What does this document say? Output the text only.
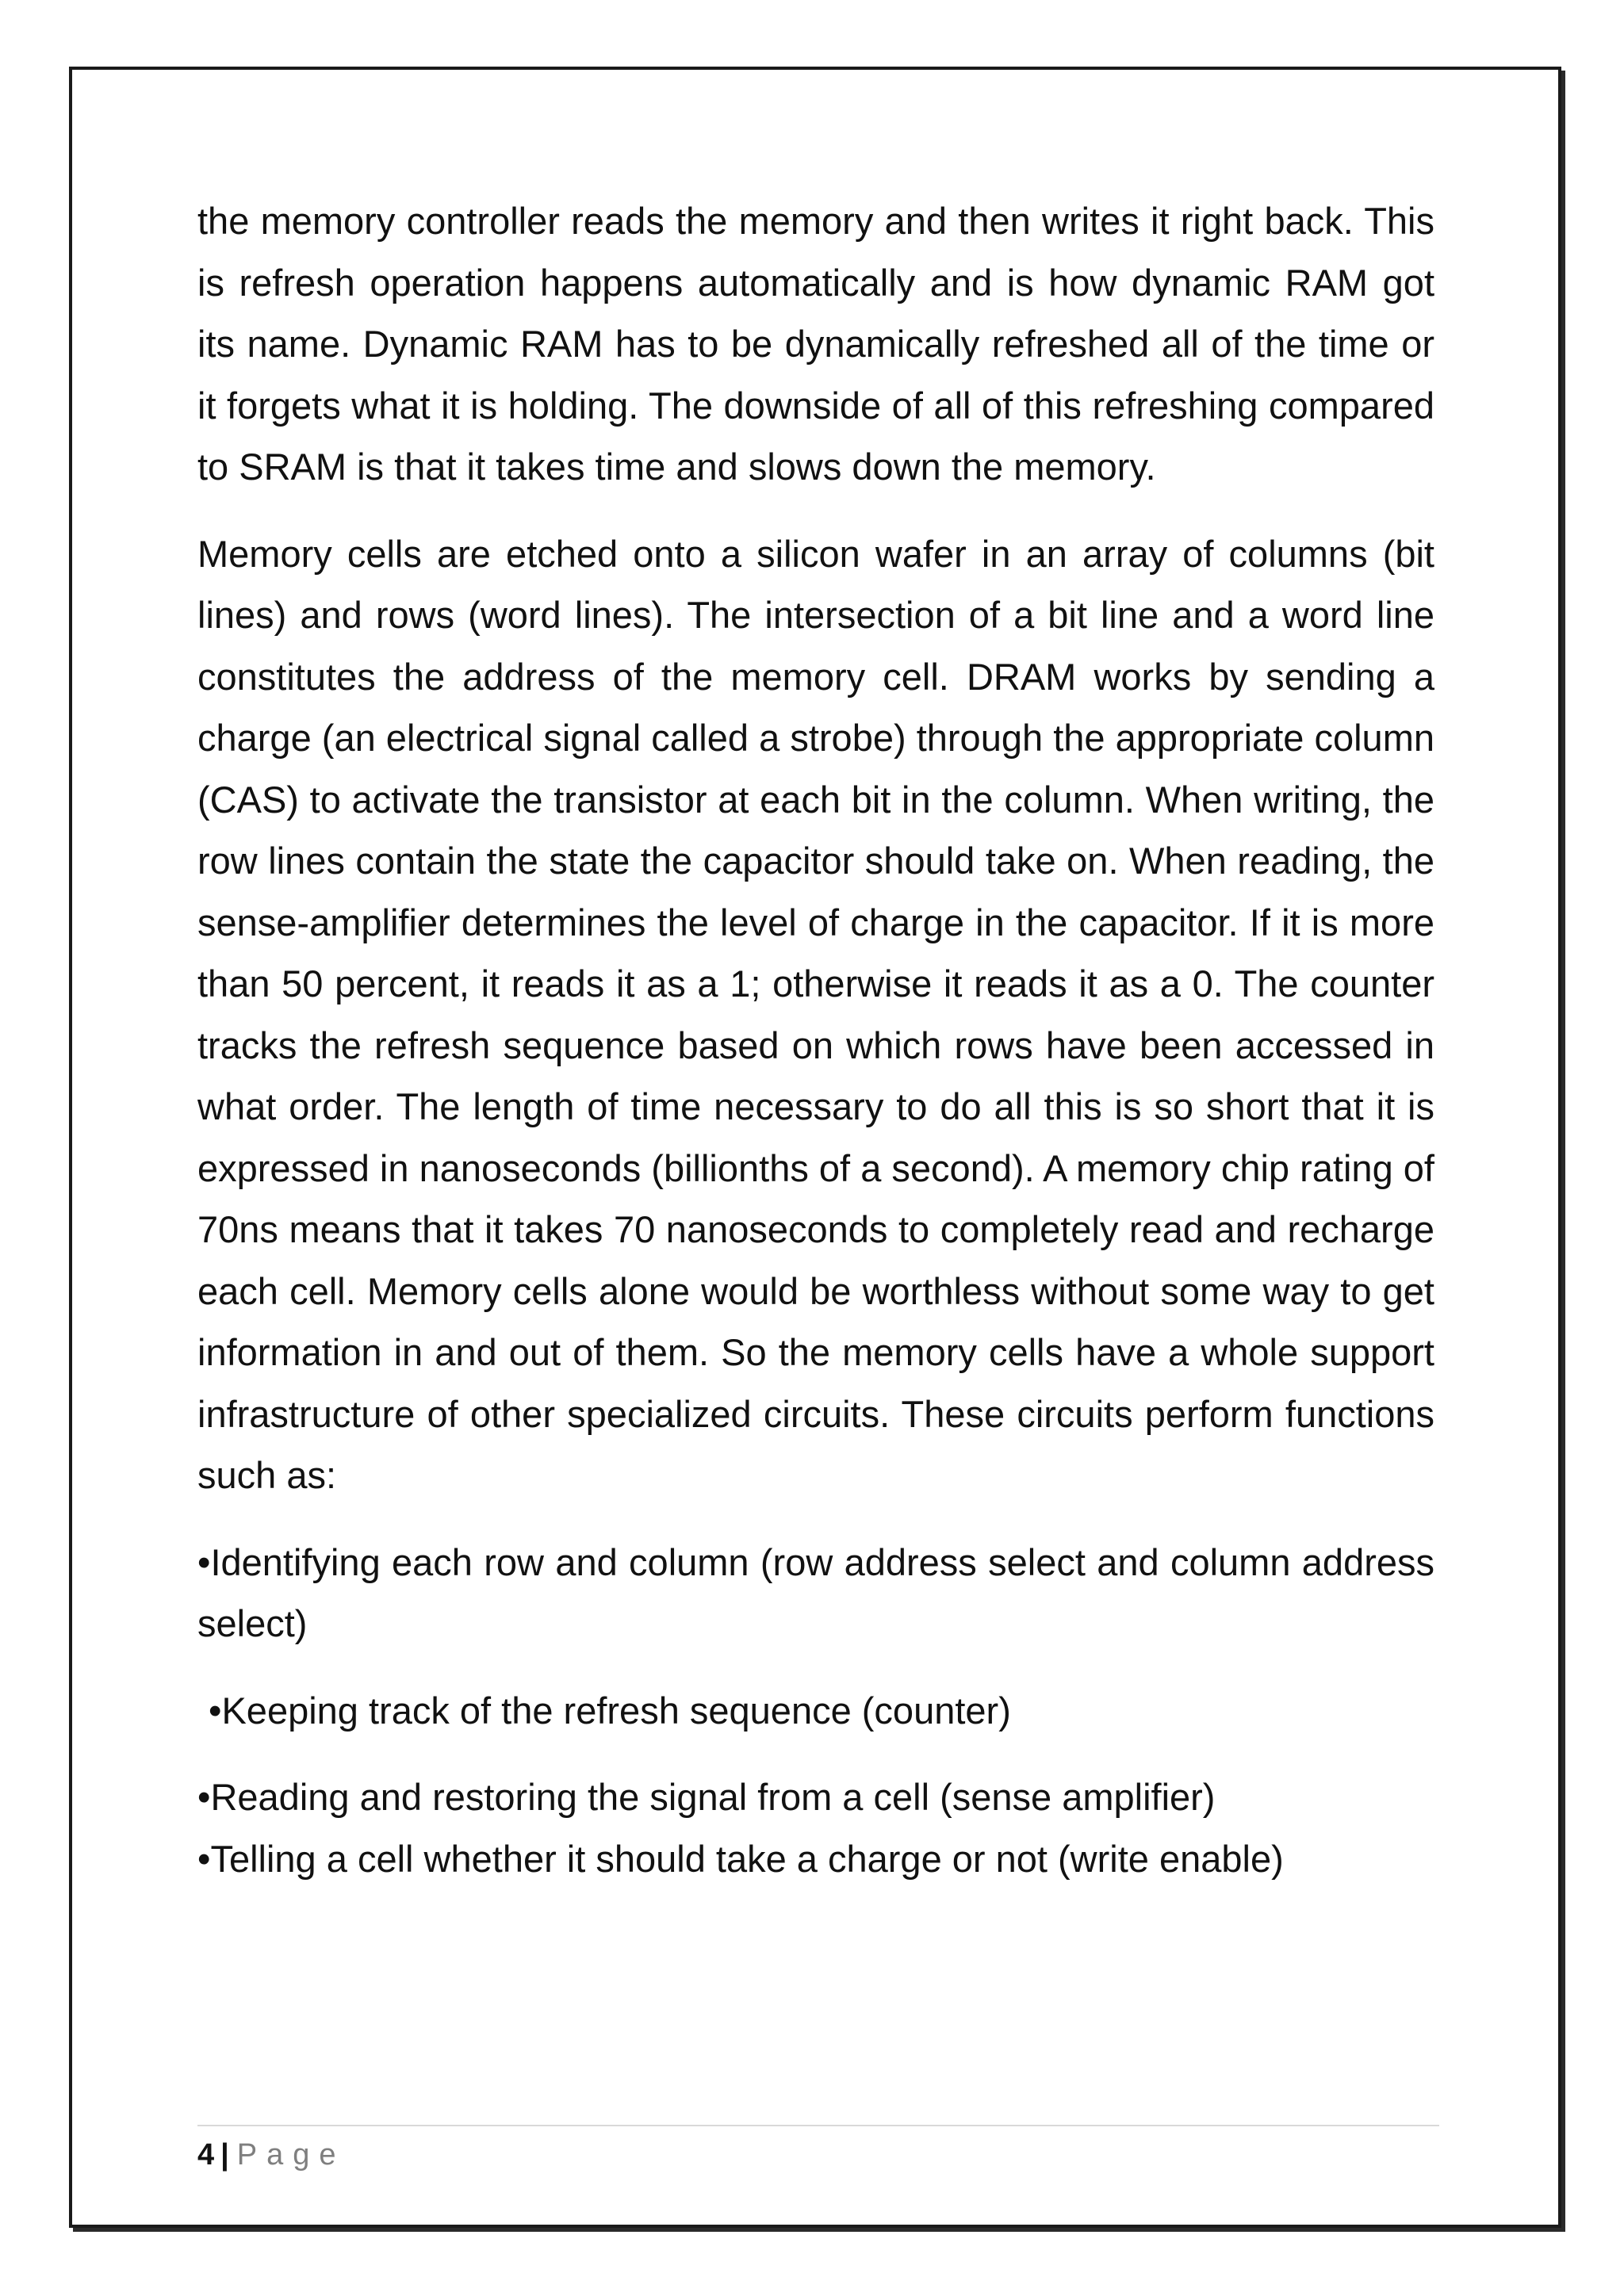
the memory controller reads the memory and then writes it right back. This is refresh operation happens automatically and is how dynamic RAM got its name. Dynamic RAM has to be dynamically refreshed all of the time or it forgets what it is holding. The downside of all of this refreshing compared to SRAM is that it takes time and slows down the memory.

Memory cells are etched onto a silicon wafer in an array of columns (bit lines) and rows (word lines). The intersection of a bit line and a word line constitutes the address of the memory cell. DRAM works by sending a charge (an electrical signal called a strobe) through the appropriate column (CAS) to activate the transistor at each bit in the column. When writing, the row lines contain the state the capacitor should take on. When reading, the sense-amplifier determines the level of charge in the capacitor. If it is more than 50 percent, it reads it as a 1; otherwise it reads it as a 0. The counter tracks the refresh sequence based on which rows have been accessed in what order. The length of time necessary to do all this is so short that it is expressed in nanoseconds (billionths of a second). A memory chip rating of 70ns means that it takes 70 nanoseconds to completely read and recharge each cell. Memory cells alone would be worthless without some way to get information in and out of them. So the memory cells have a whole support infrastructure of other specialized circuits. These circuits perform functions such as:

•Identifying each row and column (row address select and column address select)

•Keeping track of the refresh sequence (counter)

•Reading and restoring the signal from a cell (sense amplifier)

•Telling a cell whether it should take a charge or not (write enable)

4 | Page
